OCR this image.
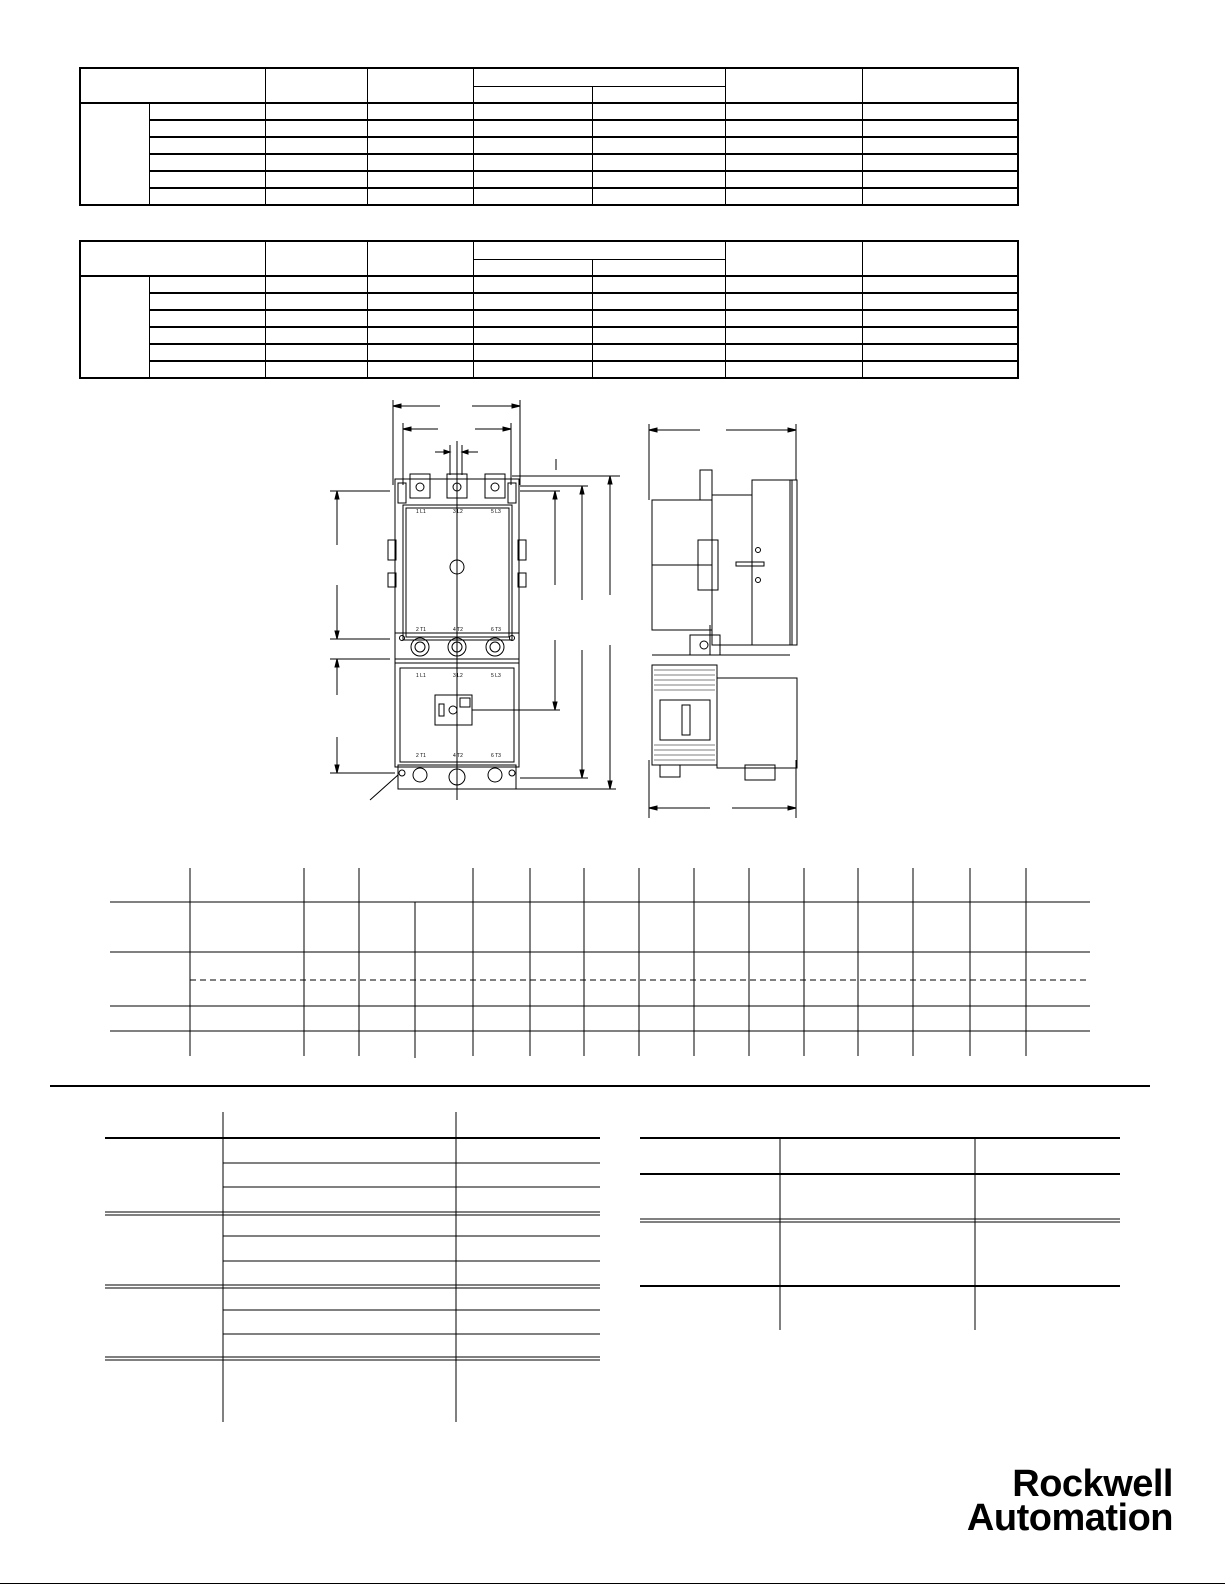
1 L1	3 L2	5 L3
2 T1	4 T2	6 T3
1 L1	3 L2	5 L3
2 T1	4 T2	6 T3
Rockwell
Automation
